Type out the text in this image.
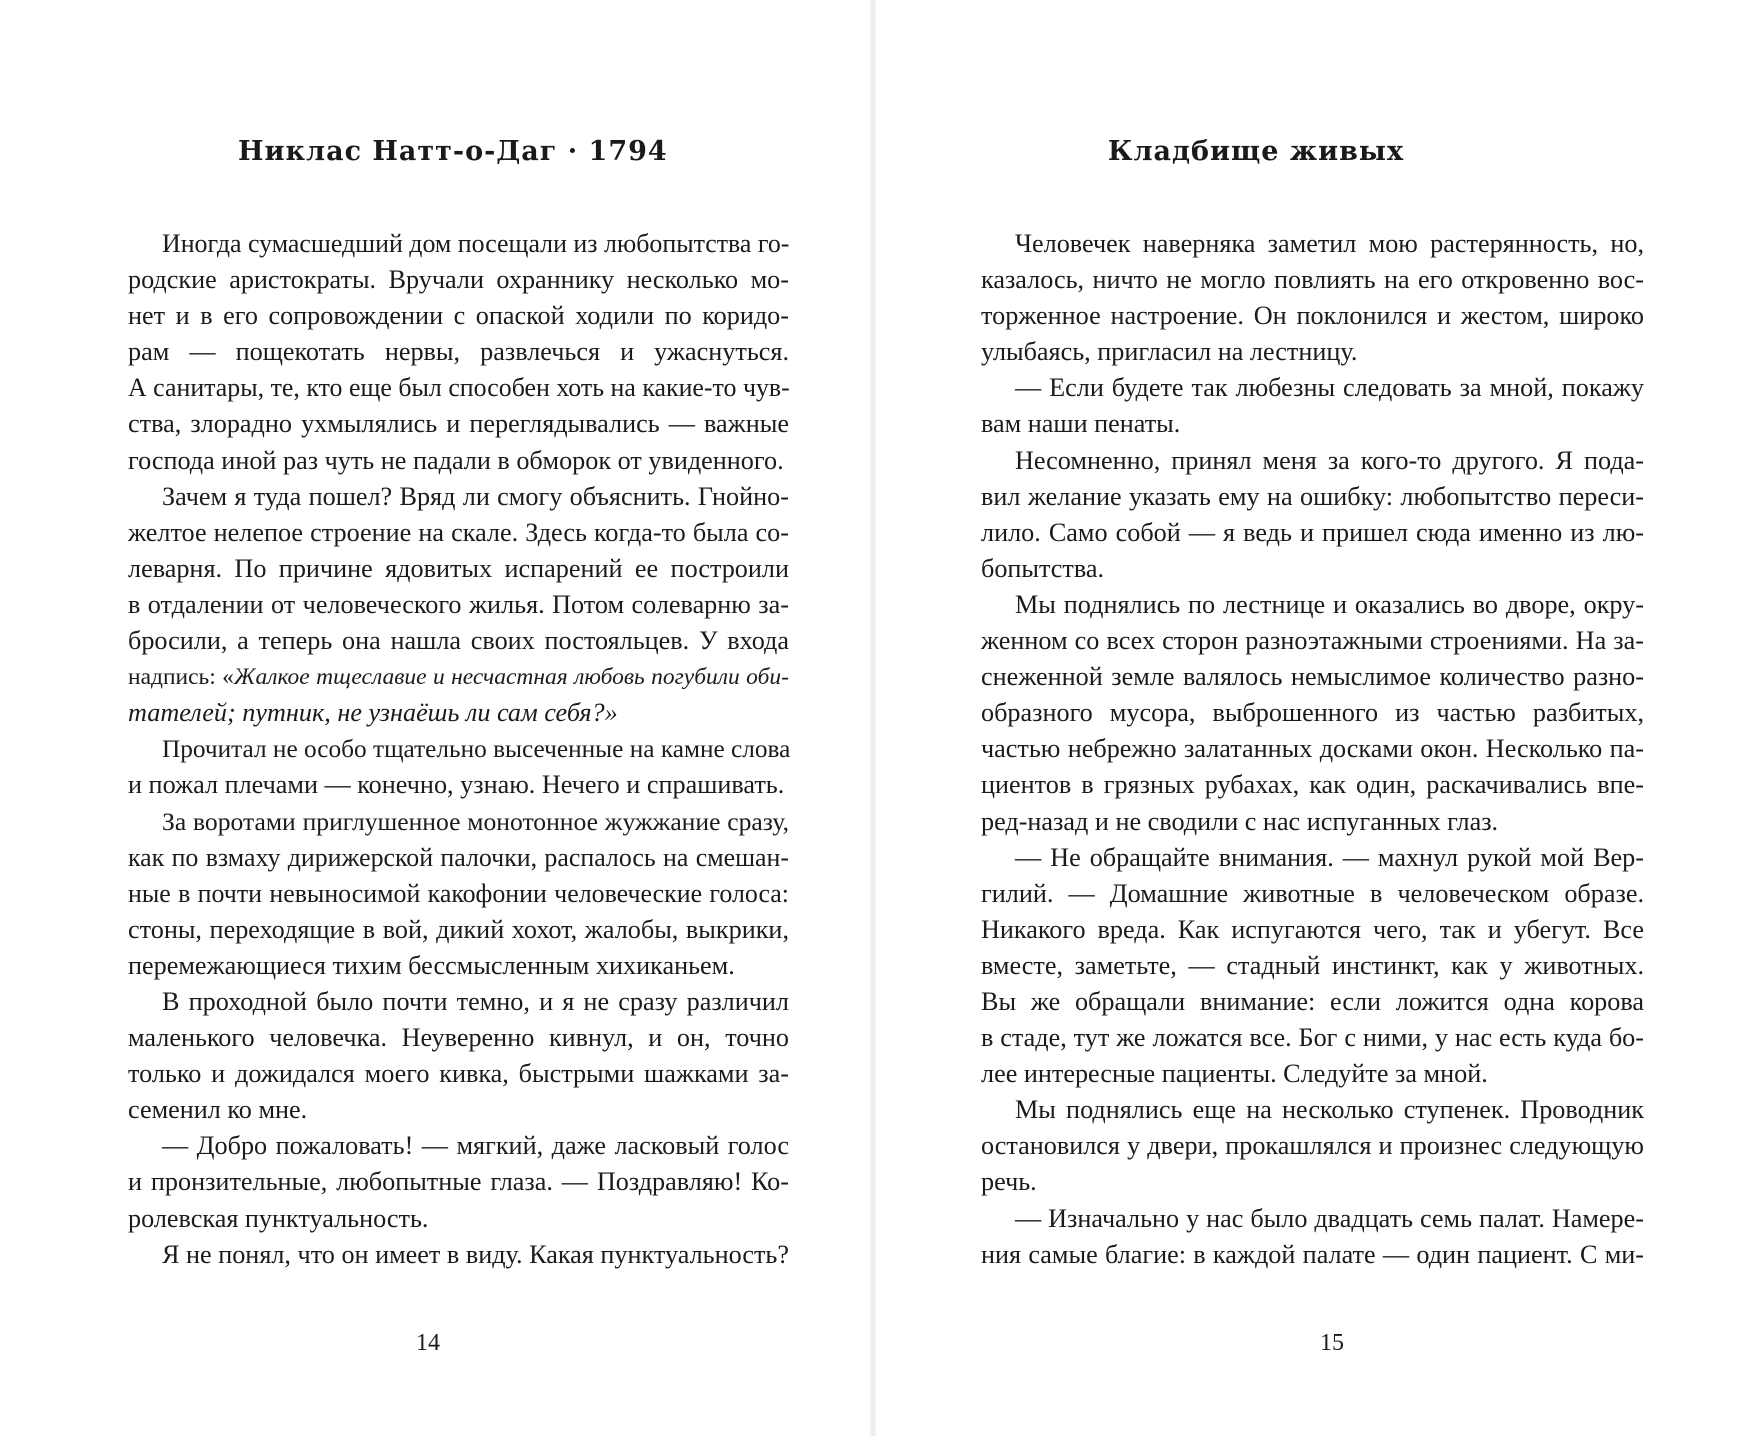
Никлас Натт-о-Даг · 1794
Иногда сумасшедший дом посещали из любопытства го-
родские аристократы. Вручали охраннику несколько мо-
нет и в его сопровождении с опаской ходили по коридо-
рам — пощекотать нервы, развлечься и ужаснуться.
А санитары, те, кто еще был способен хоть на какие-то чув-
ства, злорадно ухмылялись и переглядывались — важные
господа иной раз чуть не падали в обморок от увиденного.
Зачем я туда пошел? Вряд ли смогу объяснить. Гнойно-
желтое нелепое строение на скале. Здесь когда-то была со-
леварня. По причине ядовитых испарений ее построили
в отдалении от человеческого жилья. Потом солеварню за-
бросили, а теперь она нашла своих постояльцев. У входа
надпись: «Жалкое тщеславие и несчастная любовь погубили оби-
тателей; путник, не узнаёшь ли сам себя?»
Прочитал не особо тщательно высеченные на камне слова
и пожал плечами — конечно, узнаю. Нечего и спрашивать.
За воротами приглушенное монотонное жужжание сразу,
как по взмаху дирижерской палочки, распалось на смешан-
ные в почти невыносимой какофонии человеческие голоса:
стоны, переходящие в вой, дикий хохот, жалобы, выкрики,
перемежающиеся тихим бессмысленным хихиканьем.
В проходной было почти темно, и я не сразу различил
маленького человечка. Неуверенно кивнул, и он, точно
только и дожидался моего кивка, быстрыми шажками за-
семенил ко мне.
— Добро пожаловать! — мягкий, даже ласковый голос
и пронзительные, любопытные глаза. — Поздравляю! Ко-
ролевская пунктуальность.
Я не понял, что он имеет в виду. Какая пунктуальность?
14
Кладбище живых
Человечек наверняка заметил мою растерянность, но,
казалось, ничто не могло повлиять на его откровенно вос-
торженное настроение. Он поклонился и жестом, широко
улыбаясь, пригласил на лестницу.
— Если будете так любезны следовать за мной, покажу
вам наши пенаты.
Несомненно, принял меня за кого-то другого. Я пода-
вил желание указать ему на ошибку: любопытство переси-
лило. Само собой — я ведь и пришел сюда именно из лю-
бопытства.
Мы поднялись по лестнице и оказались во дворе, окру-
женном со всех сторон разноэтажными строениями. На за-
снеженной земле валялось немыслимое количество разно-
образного мусора, выброшенного из частью разбитых,
частью небрежно залатанных досками окон. Несколько па-
циентов в грязных рубахах, как один, раскачивались впе-
ред-назад и не сводили с нас испуганных глаз.
— Не обращайте внимания. — махнул рукой мой Вер-
гилий. — Домашние животные в человеческом образе.
Никакого вреда. Как испугаются чего, так и убегут. Все
вместе, заметьте, — стадный инстинкт, как у животных.
Вы же обращали внимание: если ложится одна корова
в стаде, тут же ложатся все. Бог с ними, у нас есть куда бо-
лее интересные пациенты. Следуйте за мной.
Мы поднялись еще на несколько ступенек. Проводник
остановился у двери, прокашлялся и произнес следующую
речь.
— Изначально у нас было двадцать семь палат. Намере-
ния самые благие: в каждой палате — один пациент. С ми-
15
